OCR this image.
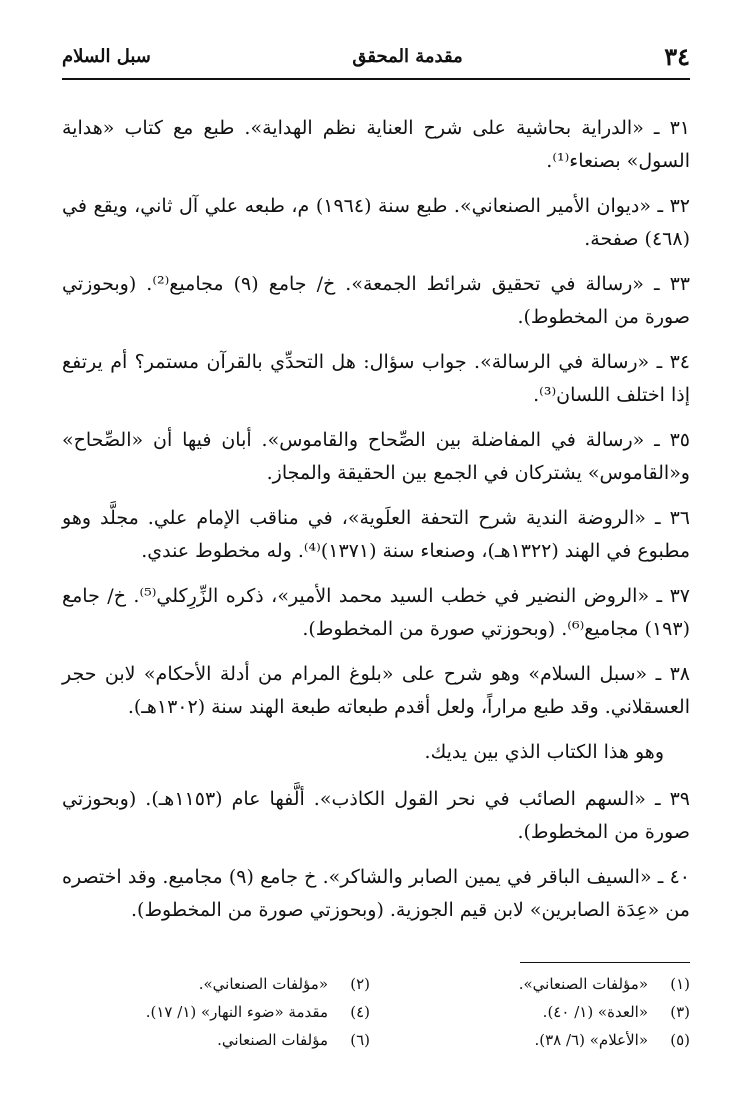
٣٤
مقدمة المحقق
سبل السلام

٣١ ـ «الدراية بحاشية على شرح العناية نظم الهداية». طبع مع كتاب «هداية السول» بصنعاء⁽¹⁾.

٣٢ ـ «ديوان الأمير الصنعاني». طبع سنة (١٩٦٤) م، طبعه علي آل ثاني، ويقع في (٤٦٨) صفحة.

٣٣ ـ «رسالة في تحقيق شرائط الجمعة». خ/ جامع (٩) مجاميع⁽²⁾. (وبحوزتي صورة من المخطوط).

٣٤ ـ «رسالة في الرسالة». جواب سؤال: هل التحدِّي بالقرآن مستمر؟ أم يرتفع إذا اختلف اللسان⁽³⁾.

٣٥ ـ «رسالة في المفاضلة بين الصِّحاح والقاموس». أبان فيها أن «الصِّحاح» و«القاموس» يشتركان في الجمع بين الحقيقة والمجاز.

٣٦ ـ «الروضة الندية شرح التحفة العلَوية»، في مناقب الإمام علي. مجلَّد وهو مطبوع في الهند (١٣٢٢هـ)، وصنعاء سنة (١٣٧١)⁽⁴⁾. وله مخطوط عندي.

٣٧ ـ «الروض النضير في خطب السيد محمد الأمير»، ذكره الزِّرِكلي⁽⁵⁾. خ/ جامع (١٩٣) مجاميع⁽⁶⁾. (وبحوزتي صورة من المخطوط).

٣٨ ـ «سبل السلام» وهو شرح على «بلوغ المرام من أدلة الأحكام» لابن حجر العسقلاني. وقد طبع مراراً، ولعل أقدم طبعاته طبعة الهند سنة (١٣٠٢هـ).

وهو هذا الكتاب الذي بين يديك.

٣٩ ـ «السهم الصائب في نحر القول الكاذب». ألَّفها عام (١١٥٣هـ). (وبحوزتي صورة من المخطوط).

٤٠ ـ «السيف الباقر في يمين الصابر والشاكر». خ جامع (٩) مجاميع. وقد اختصره من «عِدَة الصابرين» لابن قيم الجوزية. (وبحوزتي صورة من المخطوط).

(١)«مؤلفات الصنعاني».
(٢)«مؤلفات الصنعاني».
(٣)«العدة» (١/ ٤٠).
(٤)مقدمة «ضوء النهار» (١/ ١٧).
(٥)«الأعلام» (٦/ ٣٨).
(٦)مؤلفات الصنعاني.
